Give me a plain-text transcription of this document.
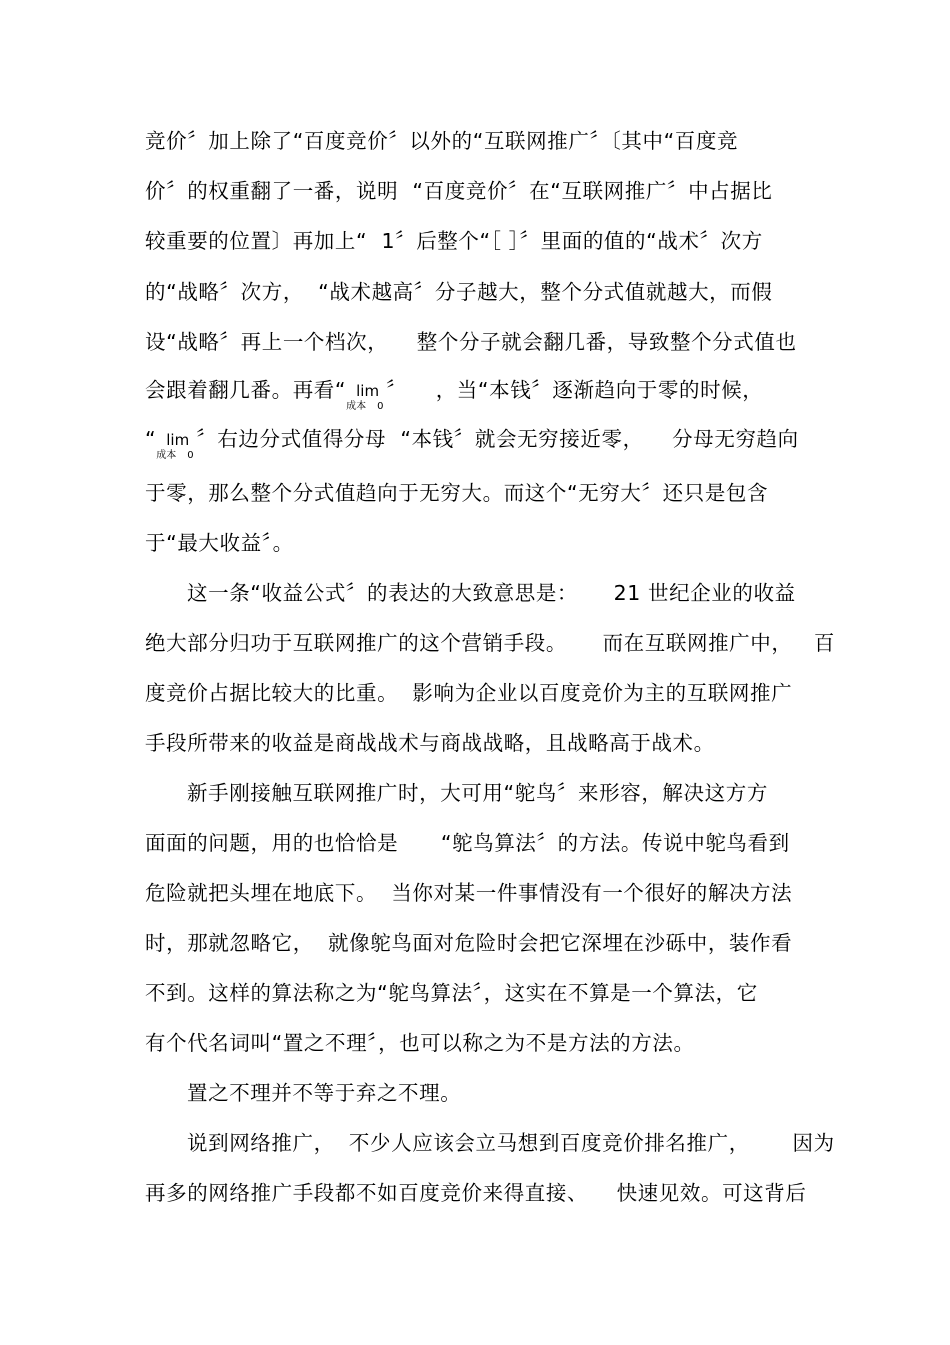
竞价〞加上除了“百度竞价〞以外的“互联网推广〞〔其中“百度竞
价〞的权重翻了一番，说明  “百度竞价〞在“互联网推广〞中占据比
较重要的位置〕再加上“  1〞后整个“［ ］〞里面的值的“战术〞次方
的“战略〞次方，  “战术越高〞分子越大，整个分式值就越大，而假
设“战略〞再上一个档次，    整个分子就会翻几番，导致整个分式值也
会跟着翻几番。再看“ lim
成本 0
〞    ，当“本钱〞逐渐趋向于零的时候，
“ lim
成本 0
〞右边分式值得分母  “本钱〞就会无穷接近零，    分母无穷趋向
于零，那么整个分式值趋向于无穷大。而这个“无穷大〞还只是包含
于“最大收益〞。
这一条“收益公式〞的表达的大致意思是：     21 世纪企业的收益
绝大部分归功于互联网推广的这个营销手段。     而在互联网推广中，   百
度竞价占据比较大的比重。  影响为企业以百度竞价为主的互联网推广
手段所带来的收益是商战战术与商战战略，且战略高于战术。
新手刚接触互联网推广时，大可用“鸵鸟〞来形容，解决这方方
面面的问题，用的也恰恰是      “鸵鸟算法〞的方法。传说中鸵鸟看到
危险就把头埋在地底下。  当你对某一件事情没有一个很好的解决方法
时，那就忽略它，  就像鸵鸟面对危险时会把它深埋在沙砾中，装作看
不到。这样的算法称之为“鸵鸟算法〞，这实在不算是一个算法，它
有个代名词叫“置之不理〞，也可以称之为不是方法的方法。
置之不理并不等于弃之不理。
说到网络推广，  不少人应该会立马想到百度竞价排名推广，      因为
再多的网络推广手段都不如百度竞价来得直接、    快速见效。可这背后
